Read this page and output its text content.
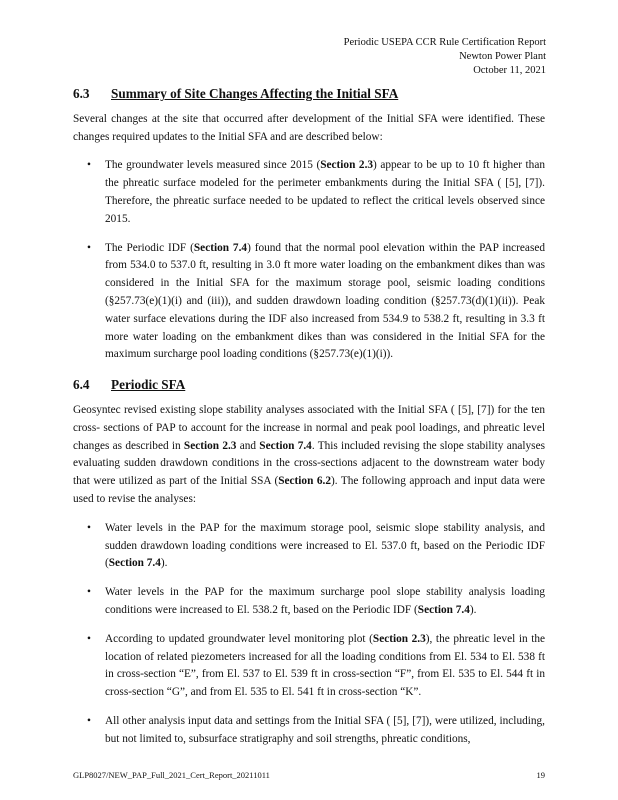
Periodic USEPA CCR Rule Certification Report
Newton Power Plant
October 11, 2021
6.3	Summary of Site Changes Affecting the Initial SFA

Several changes at the site that occurred after development of the Initial SFA were identified. These changes required updates to the Initial SFA and are described below:

• The groundwater levels measured since 2015 (Section 2.3) appear to be up to 10 ft higher than the phreatic surface modeled for the perimeter embankments during the Initial SFA ( [5], [7]). Therefore, the phreatic surface needed to be updated to reflect the critical levels observed since 2015.
• The Periodic IDF (Section 7.4) found that the normal pool elevation within the PAP increased from 534.0 to 537.0 ft, resulting in 3.0 ft more water loading on the embankment dikes than was considered in the Initial SFA for the maximum storage pool, seismic loading conditions (§257.73(e)(1)(i) and (iii)), and sudden drawdown loading condition (§257.73(d)(1)(ii)). Peak water surface elevations during the IDF also increased from 534.9 to 538.2 ft, resulting in 3.3 ft more water loading on the embankment dikes than was considered in the Initial SFA for the maximum surcharge pool loading conditions (§257.73(e)(1)(i)).
6.4	Periodic SFA

Geosyntec revised existing slope stability analyses associated with the Initial SFA ( [5], [7]) for the ten cross- sections of PAP to account for the increase in normal and peak pool loadings, and phreatic level changes as described in Section 2.3 and Section 7.4. This included revising the slope stability analyses evaluating sudden drawdown conditions in the cross-sections adjacent to the downstream water body that were utilized as part of the Initial SSA (Section 6.2). The following approach and input data were used to revise the analyses:

• Water levels in the PAP for the maximum storage pool, seismic slope stability analysis, and sudden drawdown loading conditions were increased to El. 537.0 ft, based on the Periodic IDF (Section 7.4).
• Water levels in the PAP for the maximum surcharge pool slope stability analysis loading conditions were increased to El. 538.2 ft, based on the Periodic IDF (Section 7.4).
• According to updated groundwater level monitoring plot (Section 2.3), the phreatic level in the location of related piezometers increased for all the loading conditions from El. 534 to El. 538 ft in cross-section “E”, from El. 537 to El. 539 ft in cross-section “F”, from El. 535 to El. 544 ft in cross-section “G”, and from El. 535 to El. 541 ft in cross-section “K”.
• All other analysis input data and settings from the Initial SFA ( [5], [7]), were utilized, including, but not limited to, subsurface stratigraphy and soil strengths, phreatic conditions,
GLP8027/NEW_PAP_Full_2021_Cert_Report_20211011	19
